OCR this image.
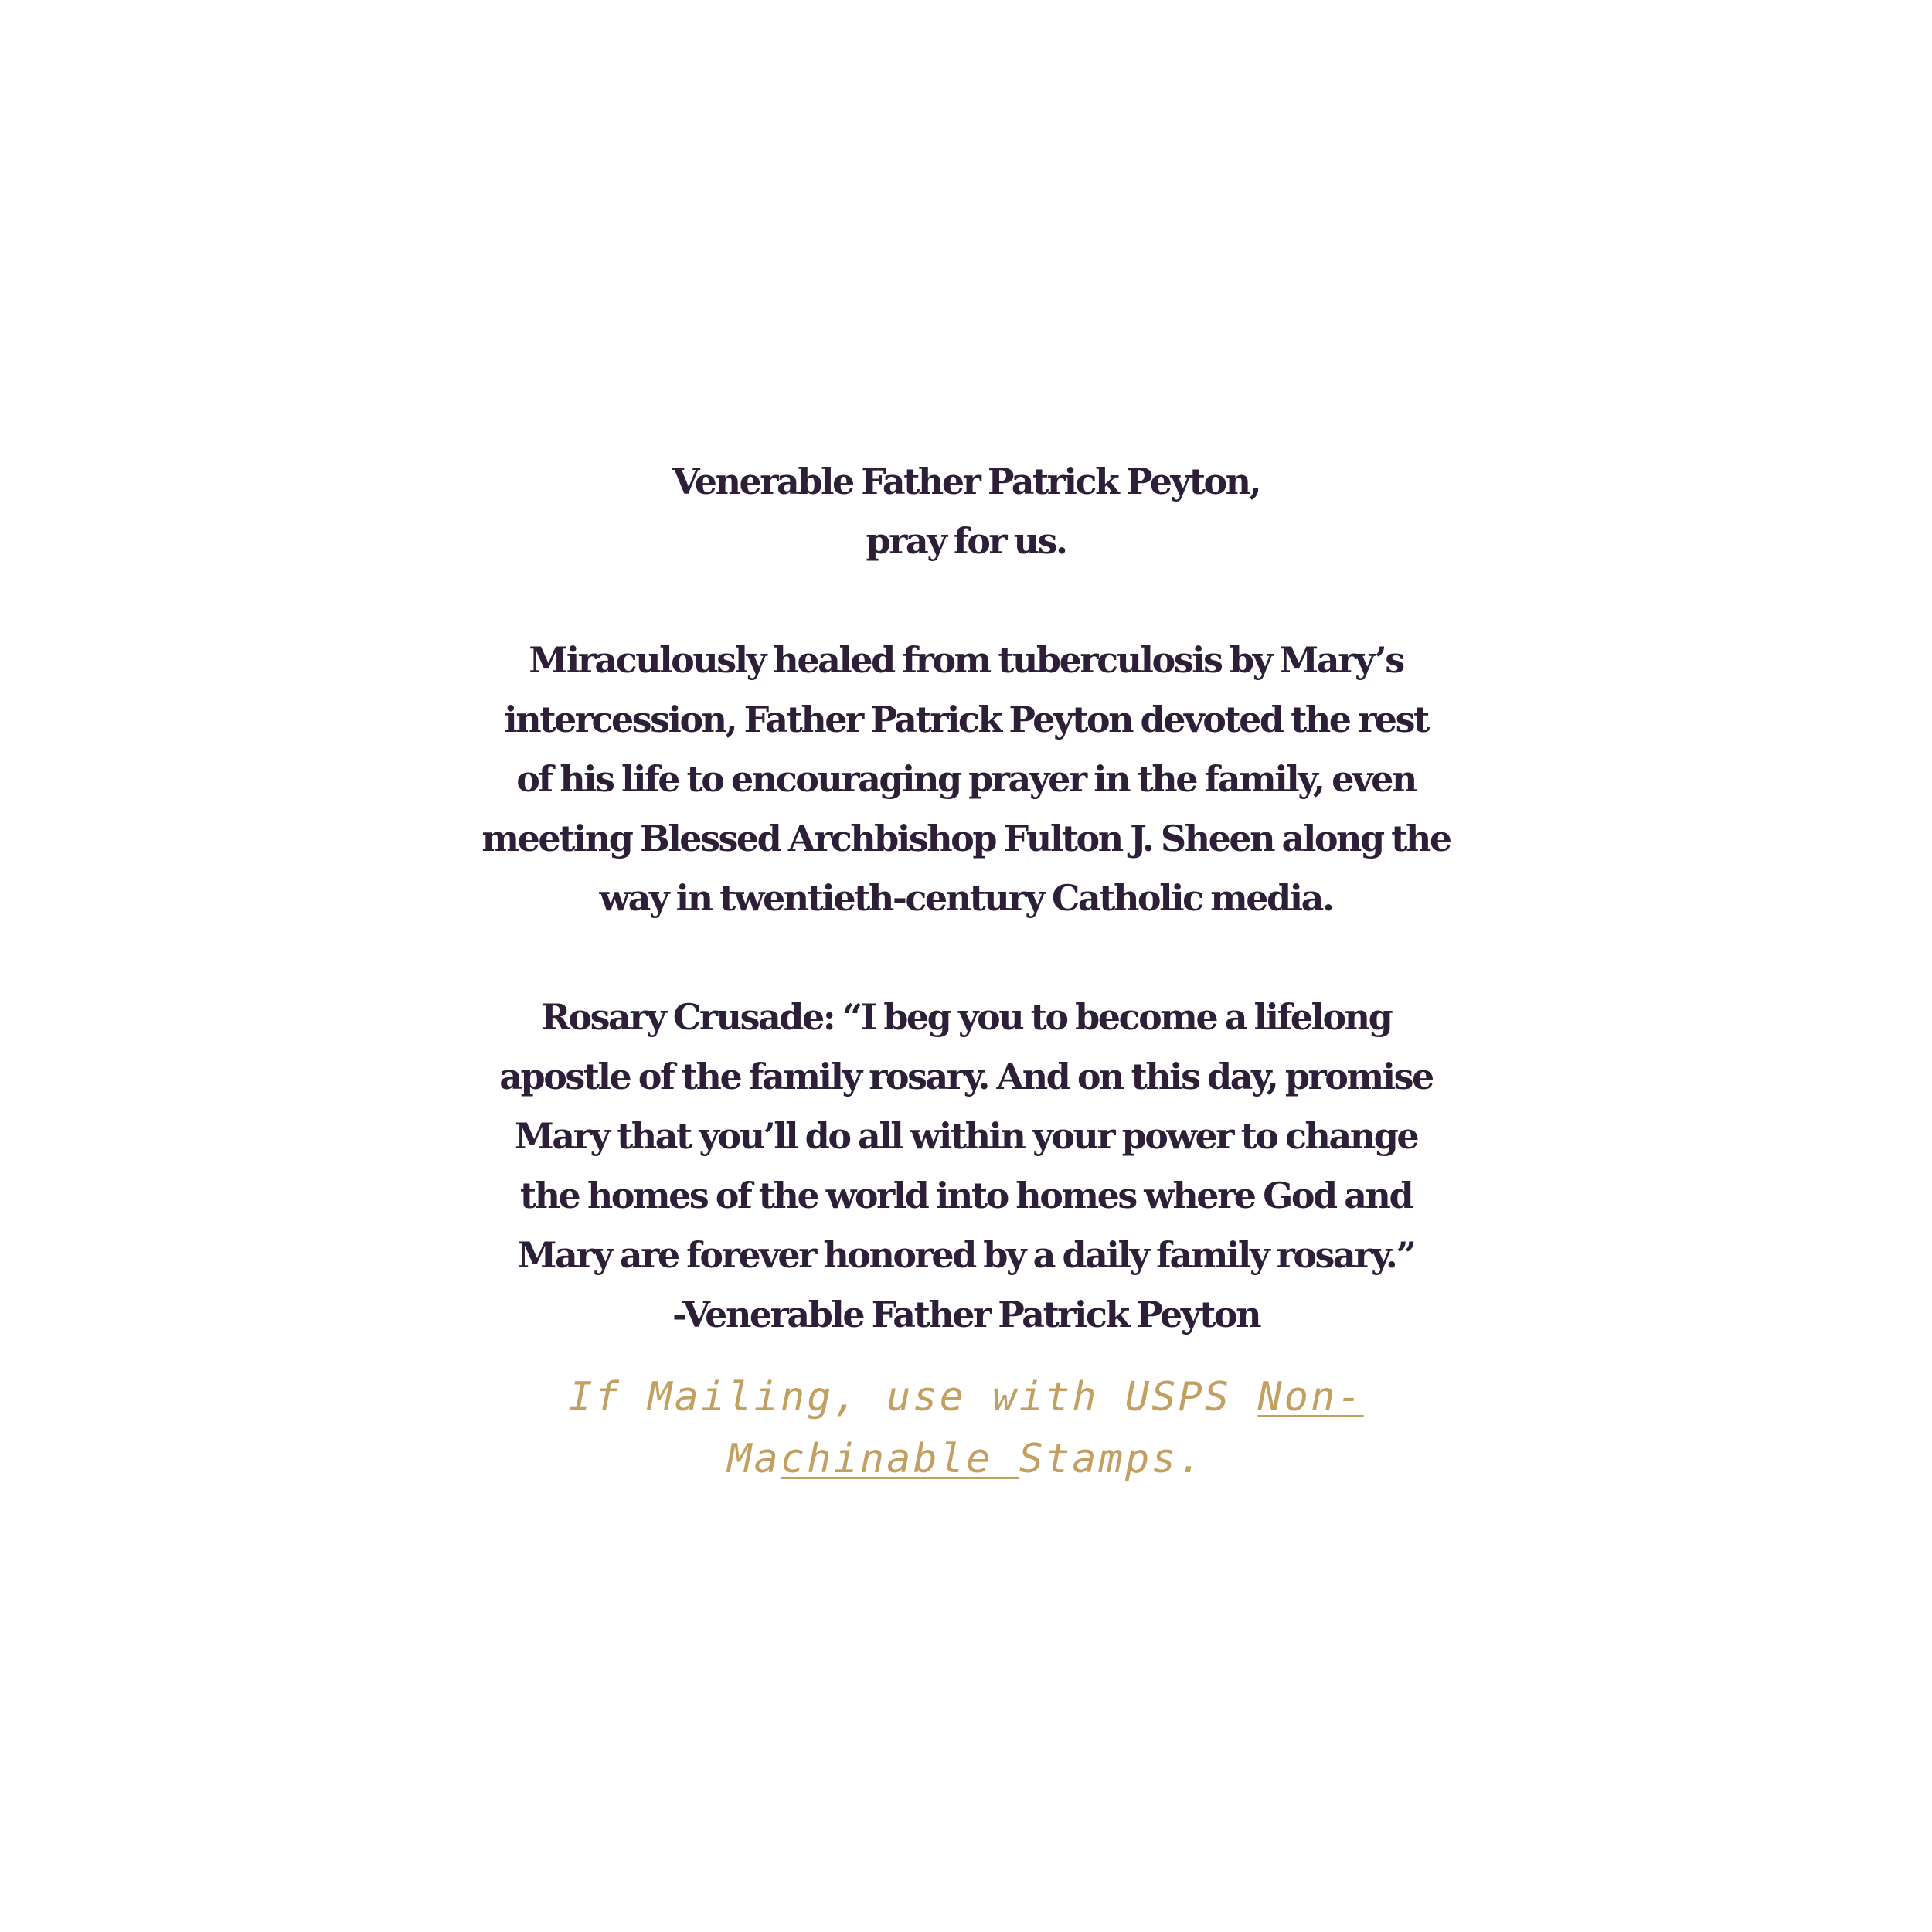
Venerable Father Patrick Peyton,
pray for us.
Miraculously healed from tuberculosis by Mary’s
intercession, Father Patrick Peyton devoted the rest
of his life to encouraging prayer in the family, even
meeting Blessed Archbishop Fulton J. Sheen along the
way in twentieth-century Catholic media.
Rosary Crusade: “I beg you to become a lifelong
apostle of the family rosary. And on this day, promise
Mary that you’ll do all within your power to change
the homes of the world into homes where God and
Mary are forever honored by a daily family rosary.”
-Venerable Father Patrick Peyton
If Mailing, use with USPS Non-
Machinable Stamps.
